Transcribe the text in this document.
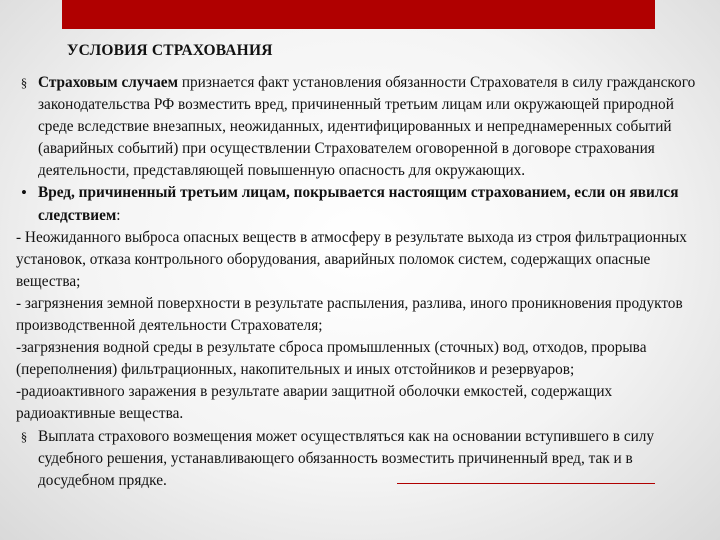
УСЛОВИЯ СТРАХОВАНИЯ

§ Страховым случаем признается факт установления обязанности Страхователя в силу гражданского законодательства РФ возместить вред, причиненный третьим лицам или окружающей природной среде вследствие внезапных, неожиданных, идентифицированных и непреднамеренных событий (аварийных событий) при осуществлении Страхователем оговоренной в договоре страхования деятельности, представляющей повышенную опасность для окружающих.

• Вред, причиненный третьим лицам, покрывается настоящим страхованием, если он явился следствием:

- Неожиданного выброса опасных веществ в атмосферу в результате выхода из строя фильтрационных установок, отказа контрольного оборудования, аварийных поломок систем, содержащих опасные вещества;

- загрязнения земной поверхности в результате распыления, разлива, иного проникновения продуктов производственной деятельности Страхователя;

-загрязнения водной среды в результате сброса промышленных (сточных) вод, отходов, прорыва (переполнения) фильтрационных, накопительных и иных отстойников и резервуаров;

-радиоактивного заражения в результате аварии защитной оболочки емкостей, содержащих радиоактивные вещества.

§ Выплата страхового возмещения может осуществляться как на основании вступившего в силу судебного решения, устанавливающего обязанность возместить причиненный вред, так и в досудебном прядке.
